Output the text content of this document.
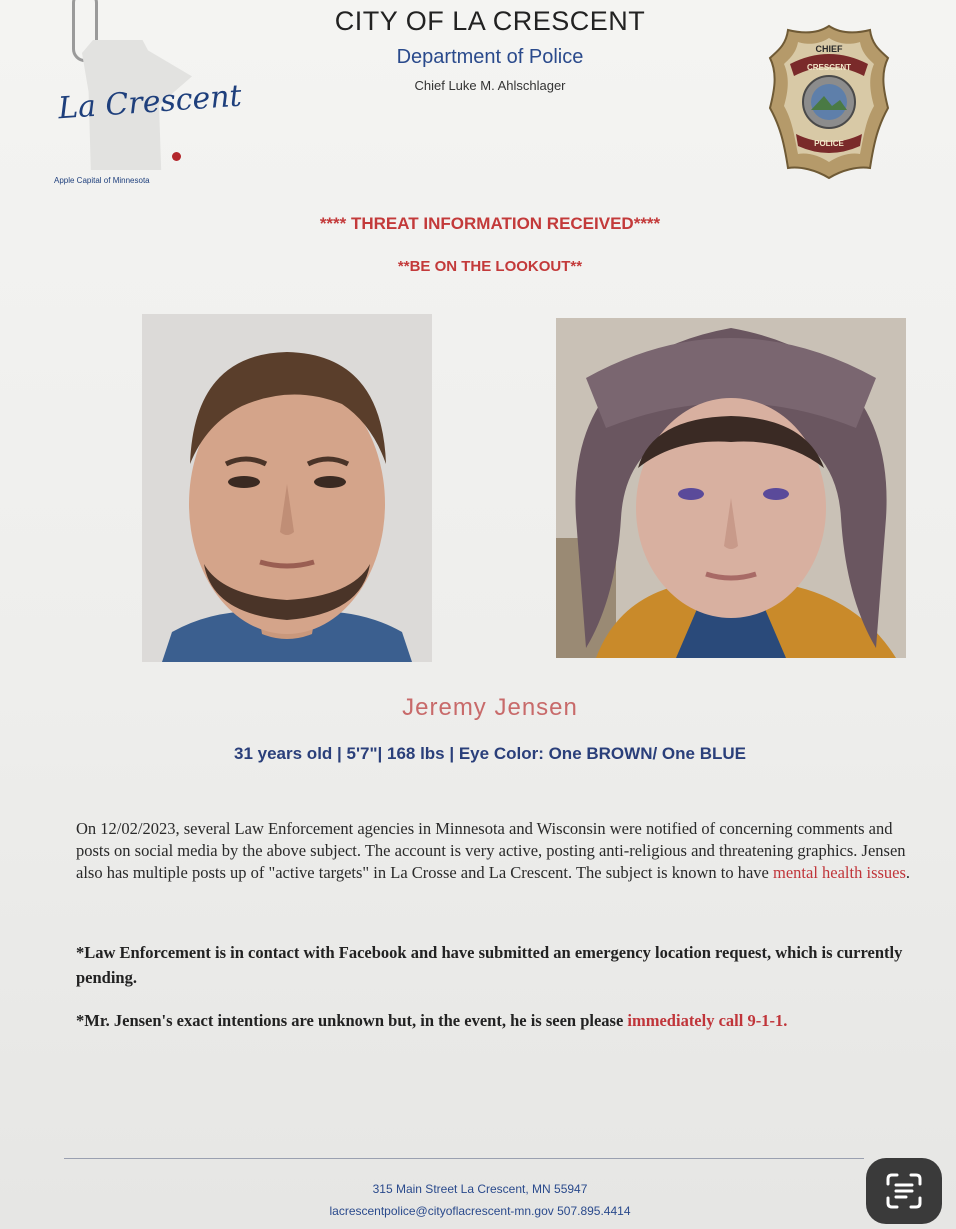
La Crescent
Apple Capital of Minnesota
CITY OF LA CRESCENT
Department of Police
Chief Luke M. Ahlschlager
CHIEF
CRESCENT
POLICE
**** THREAT INFORMATION RECEIVED****
**BE ON THE LOOKOUT**
Jeremy Jensen
31 years old | 5'7"| 168 lbs | Eye Color: One BROWN/ One BLUE
On 12/02/2023, several Law Enforcement agencies in Minnesota and Wisconsin were notified of concerning comments and posts on social media by the above subject. The account is very active, posting anti-religious and threatening graphics. Jensen also has multiple posts up of "active targets" in La Crosse and La Crescent. The subject is known to have mental health issues.
*Law Enforcement is in contact with Facebook and have submitted an emergency location request, which is currently pending.
*Mr. Jensen's exact intentions are unknown but, in the event, he is seen please immediately call 9-1-1.
315 Main Street La Crescent, MN 55947
lacrescentpolice@cityoflacrescent-mn.gov 507.895.4414
